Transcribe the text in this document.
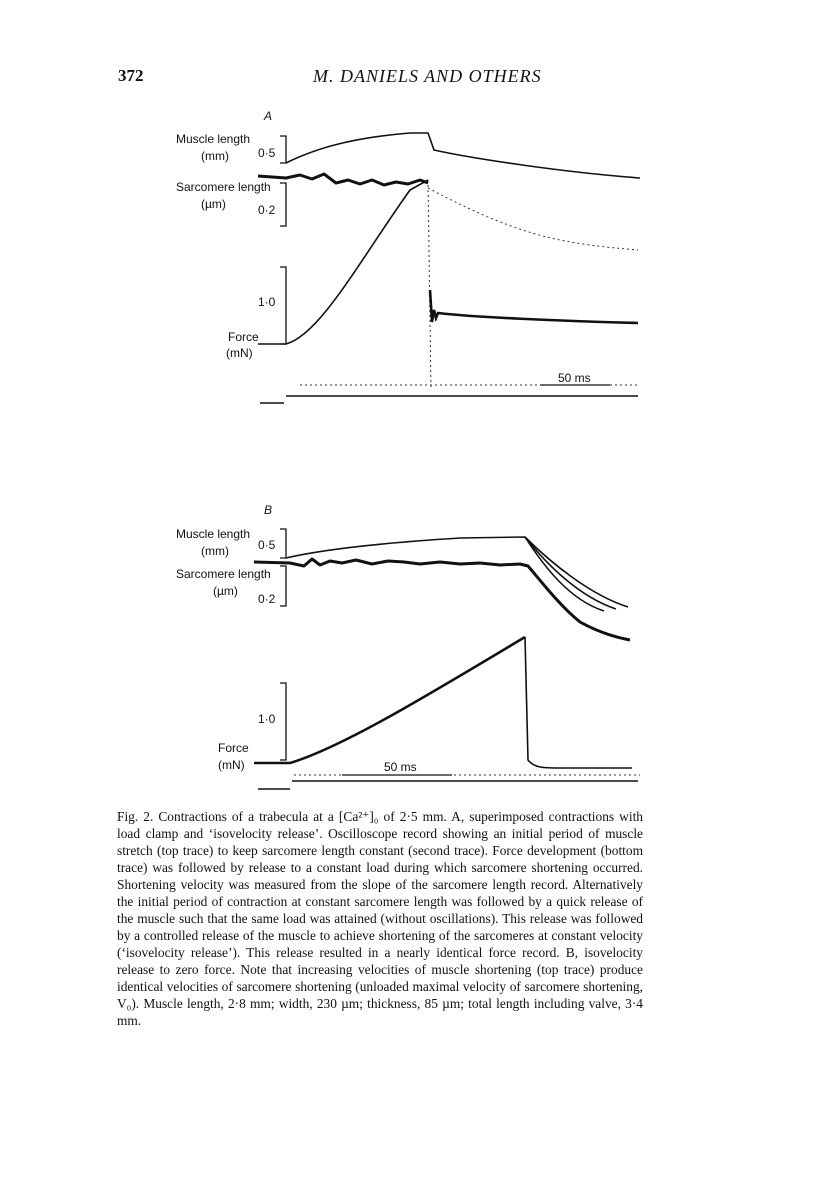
372	M. DANIELS AND OTHERS
A
Muscle length
(mm) 0·5
Sarcomere length
(µm)	0·2
1·0
Force
(mN)
50 ms
B
Muscle length
(mm) 0·5
Sarcomere length
(µm)
0·2
1·0
Force
(mN)	50 ms

Fig. 2. Contractions of a trabecula at a [Ca²⁺]₀ of 2·5 mm. A, superimposed contractions with load clamp and ‘isovelocity release’. Oscilloscope record showing an initial period of muscle stretch (top trace) to keep sarcomere length constant (second trace). Force development (bottom trace) was followed by release to a constant load during which sarcomere shortening occurred. Shortening velocity was measured from the slope of the sarcomere length record. Alternatively the initial period of contraction at constant sarcomere length was followed by a quick release of the muscle such that the same load was attained (without oscillations). This release was followed by a controlled release of the muscle to achieve shortening of the sarcomeres at constant velocity (‘isovelocity release’). This release resulted in a nearly identical force record. B, isovelocity release to zero force. Note that increasing velocities of muscle shortening (top trace) produce identical velocities of sarcomere shortening (unloaded maximal velocity of sarcomere shortening, V₀). Muscle length, 2·8 mm; width, 230 µm; thickness, 85 µm; total length including valve, 3·4 mm.
